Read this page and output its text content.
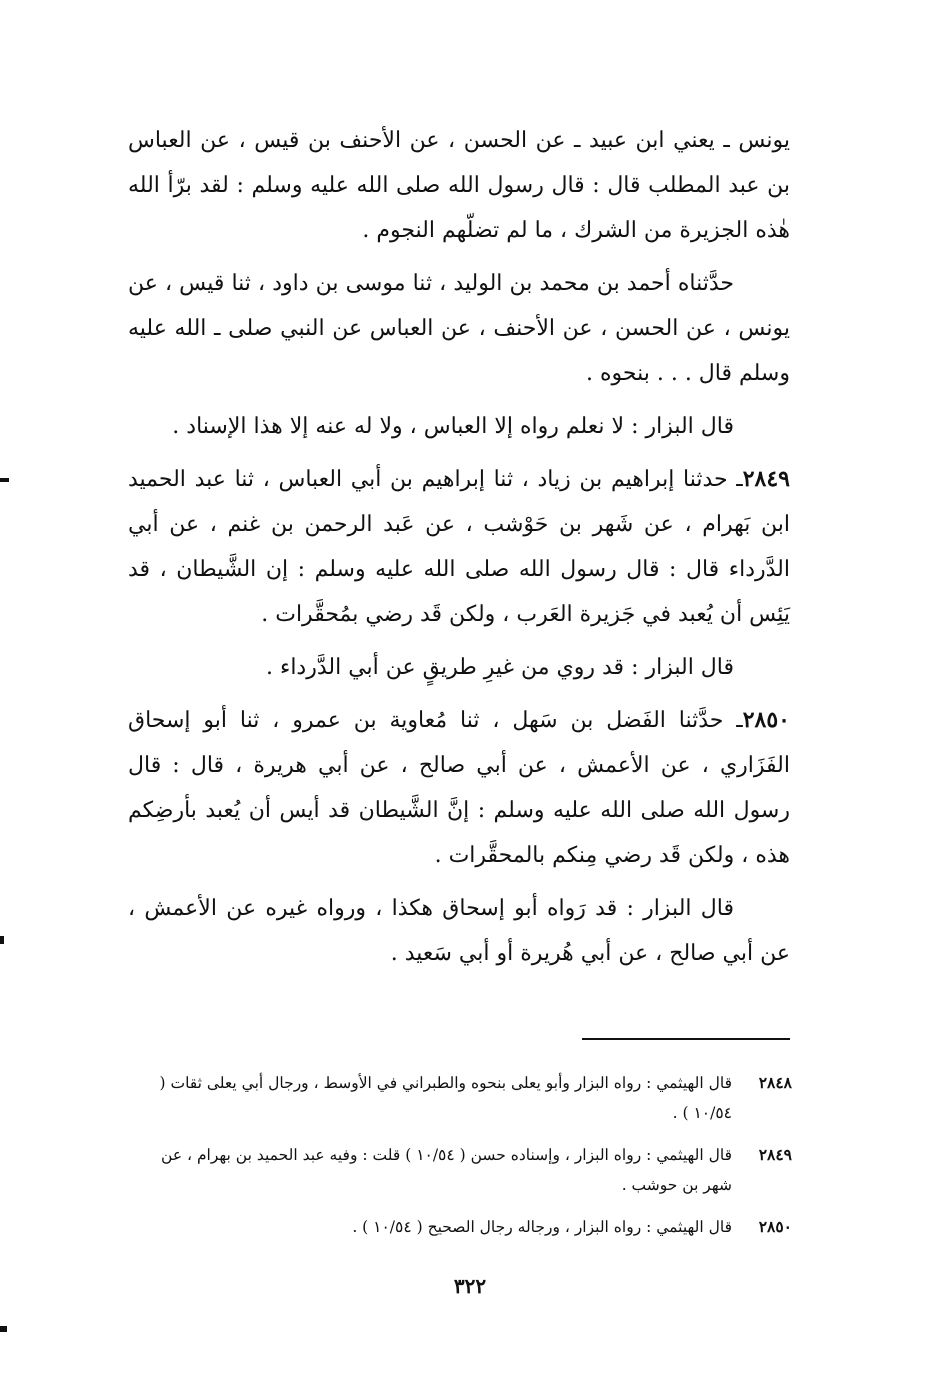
يونس ـ يعني ابن عبيد ـ عن الحسن ، عن الأحنف بن قيس ، عن العباس بن عبد المطلب قال : قال رسول الله صلى الله عليه وسلم : لقد برّأ الله هٰذه الجزيرة من الشرك ، ما لم تضلّهم النجوم .

حدَّثناه أحمد بن محمد بن الوليد ، ثنا موسى بن داود ، ثنا قيس ، عن يونس ، عن الحسن ، عن الأحنف ، عن العباس عن النبي صلى ـ الله عليه وسلم قال . . . بنحوه .

قال البزار : لا نعلم رواه إلا العباس ، ولا له عنه إلا هذا الإسناد .

٢٨٤٩ـ حدثنا إبراهيم بن زياد ، ثنا إبراهيم بن أبي العباس ، ثنا عبد الحميد ابن بَهرام ، عن شَهر بن حَوْشب ، عن عَبد الرحمن بن غنم ، عن أبي الدَّرداء قال : قال رسول الله صلى الله عليه وسلم : إن الشَّيطان ، قد يَئِس أن يُعبد في جَزيرة العَرب ، ولكن قَد رضي بمُحقَّرات .

قال البزار : قد روي من غيرِ طريقٍ عن أبي الدَّرداء .

٢٨٥٠ـ حدَّثنا الفَضل بن سَهل ، ثنا مُعاوية بن عمرو ، ثنا أبو إسحاق الفَزَاري ، عن الأعمش ، عن أبي صالح ، عن أبي هريرة ، قال : قال رسول الله صلى الله عليه وسلم : إنَّ الشَّيطان قد أيس أن يُعبد بأرضِكم هذه ، ولكن قَد رضي مِنكم بالمحقَّرات .

قال البزار : قد رَواه أبو إسحاق هكذا ، ورواه غيره عن الأعمش ، عن أبي صالح ، عن أبي هُريرة أو أبي سَعيد .

٢٨٤٨
قال الهيثمي : رواه البزار وأبو يعلى بنحوه والطبراني في الأوسط ، ورجال أبي يعلى ثقات ( ١٠/٥٤ ) .
٢٨٤٩
قال الهيثمي : رواه البزار ، وإسناده حسن ( ١٠/٥٤ ) قلت : وفيه عبد الحميد بن بهرام ، عن شهر بن حوشب .
٢٨٥٠
قال الهيثمي : رواه البزار ، ورجاله رجال الصحيح ( ١٠/٥٤ ) .
٣٢٢
